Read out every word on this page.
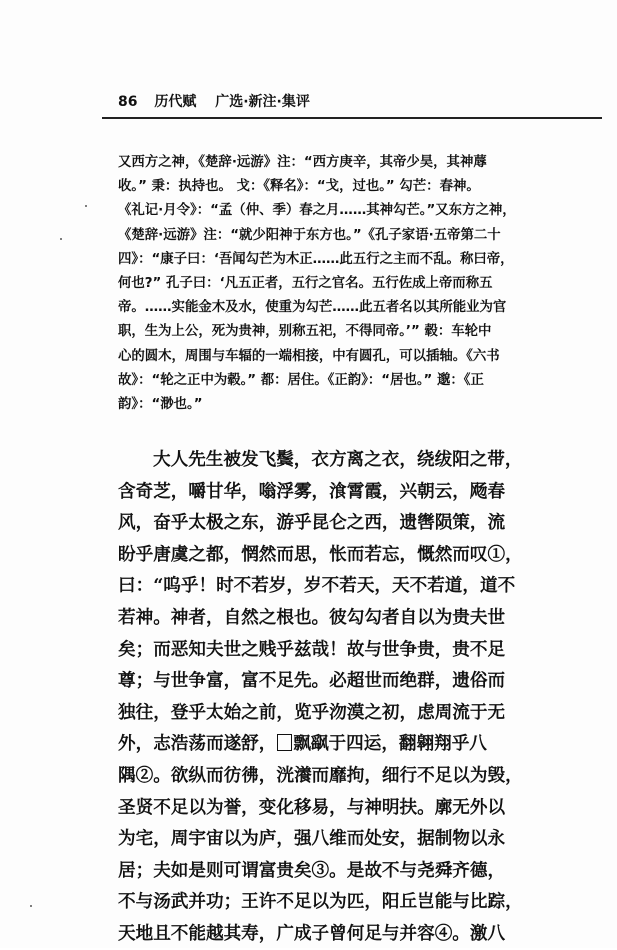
86 历代赋 广选·新注·集评
又西方之神，《楚辞·远游》注：“西方庚辛，其帝少昊，其神蓐
收。” 秉：执持也。 戈：《释名》：“戈，过也。” 勾芒：春神。
《礼记·月令》：“孟（仲、季）春之月……其神勾芒。”又东方之神，
《楚辞·远游》注：“就少阳神于东方也。”《孔子家语·五帝第二十
四》：“康子曰：‘吾闻勾芒为木正……此五行之主而不乱。称曰帝，
何也?” 孔子曰：‘凡五正者，五行之官名。五行佐成上帝而称五
帝。……实能金木及水，使重为勾芒……此五者名以其所能业为官
职，生为上公，死为贵神，别称五祀，不得同帝。’” 毂：车轮中
心的圆木，周围与车辐的一端相接，中有圆孔，可以插轴。《六书
故》：“轮之正中为毂。” 都：居住。《正韵》：“居也。” 邈：《正
韵》：“渺也。”
大人先生被发飞鬓，衣方离之衣，绕绂阳之带，
含奇芝，嚼甘华，嗡浮雾，湌霄霞，兴朝云，飏春
风，奋乎太极之东，游乎昆仑之西，遗辔陨策，流
盼乎唐虞之都，惘然而思，怅而若忘，慨然而叹①，
曰：“呜乎！时不若岁，岁不若天，天不若道，道不
若神。神者，自然之根也。彼勾勾者自以为贵夫世
矣；而恶知夫世之贱乎兹哉！故与世争贵，贵不足
尊；与世争富，富不足先。必超世而绝群，遗俗而
独往，登乎太始之前，览乎沕漠之初，虑周流于无
外，志浩荡而遂舒， 飘飖于四运，翻翱翔乎八
隅②。欲纵而彷彿，洸瀁而靡拘，细行不足以为毁，
圣贤不足以为誉，变化移易，与神明扶。廓无外以
为宅，周宇宙以为庐，强八维而处安，据制物以永
居；夫如是则可谓富贵矣③。是故不与尧舜齐德，
不与汤武并功；王许不足以为匹，阳丘岂能与比踪，
天地且不能越其寿，广成子曾何足与并容④。激八
